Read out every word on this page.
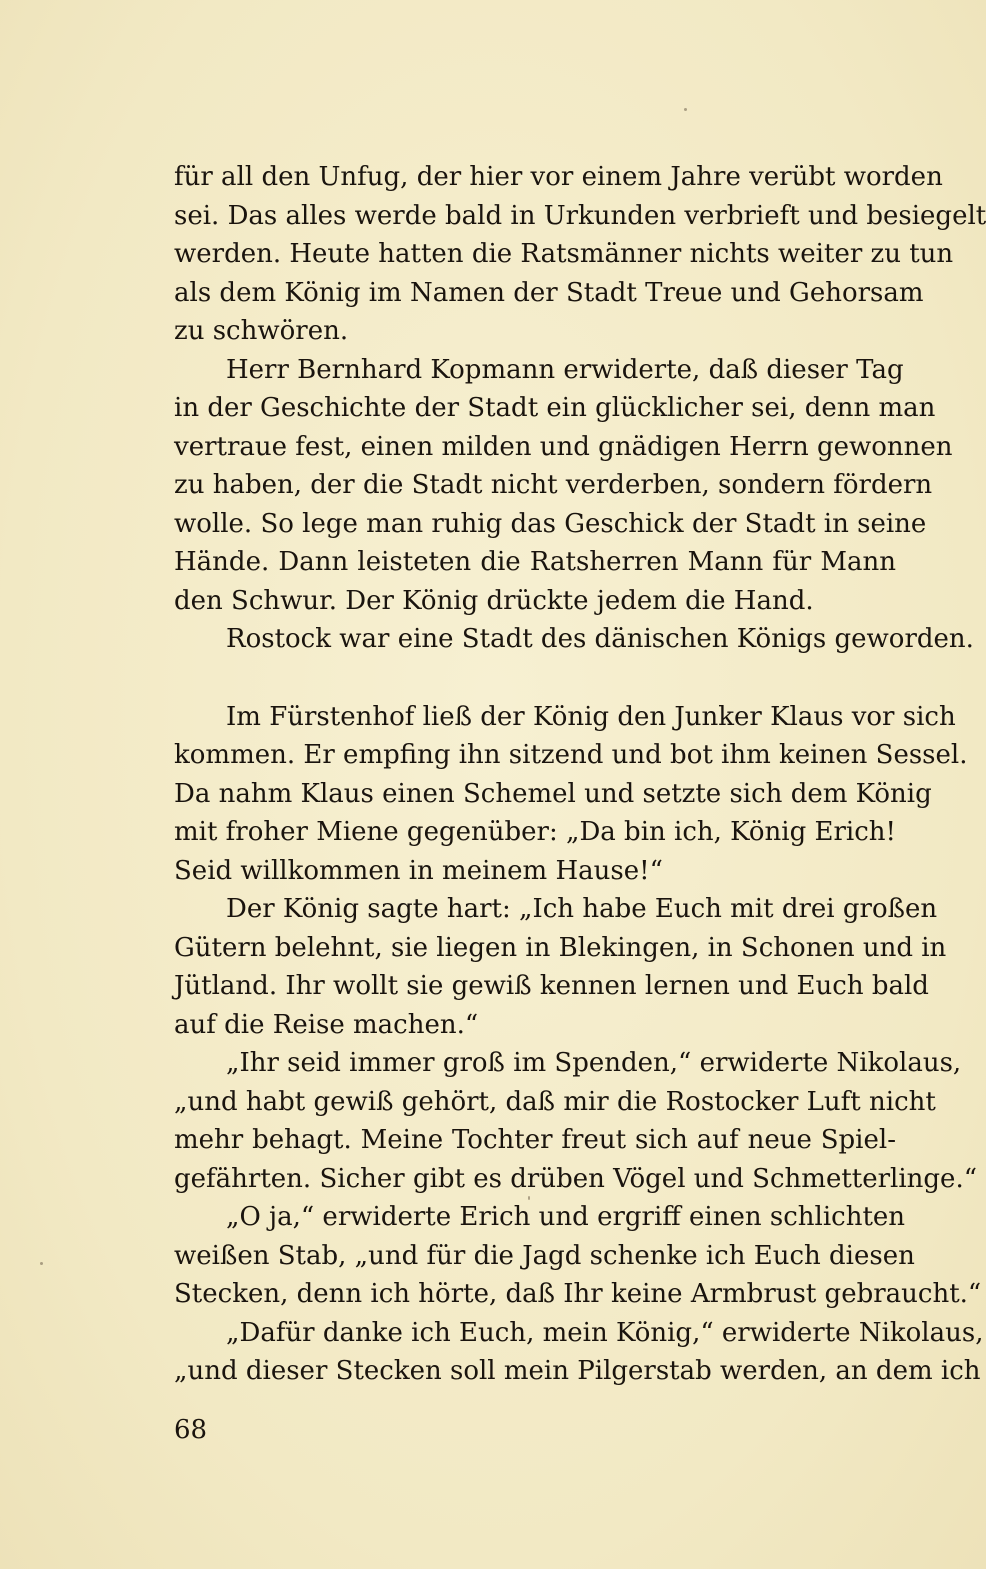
für all den Unfug, der hier vor einem Jahre verübt worden
sei. Das alles werde bald in Urkunden verbrieft und besiegelt
werden. Heute hatten die Ratsmänner nichts weiter zu tun
als dem König im Namen der Stadt Treue und Gehorsam
zu schwören.
Herr Bernhard Kopmann erwiderte, daß dieser Tag
in der Geschichte der Stadt ein glücklicher sei, denn man
vertraue fest, einen milden und gnädigen Herrn gewonnen
zu haben, der die Stadt nicht verderben, sondern fördern
wolle. So lege man ruhig das Geschick der Stadt in seine
Hände. Dann leisteten die Ratsherren Mann für Mann
den Schwur. Der König drückte jedem die Hand.
Rostock war eine Stadt des dänischen Königs geworden.
Im Fürstenhof ließ der König den Junker Klaus vor sich
kommen. Er empfing ihn sitzend und bot ihm keinen Sessel.
Da nahm Klaus einen Schemel und setzte sich dem König
mit froher Miene gegenüber: „Da bin ich, König Erich!
Seid willkommen in meinem Hause!“
Der König sagte hart: „Ich habe Euch mit drei großen
Gütern belehnt, sie liegen in Blekingen, in Schonen und in
Jütland. Ihr wollt sie gewiß kennen lernen und Euch bald
auf die Reise machen.“
„Ihr seid immer groß im Spenden,“ erwiderte Nikolaus,
„und habt gewiß gehört, daß mir die Rostocker Luft nicht
mehr behagt. Meine Tochter freut sich auf neue Spiel-
gefährten. Sicher gibt es drüben Vögel und Schmetterlinge.“
„O ja,“ erwiderte Erich und ergriff einen schlichten
weißen Stab, „und für die Jagd schenke ich Euch diesen
Stecken, denn ich hörte, daß Ihr keine Armbrust gebraucht.“
„Dafür danke ich Euch, mein König,“ erwiderte Nikolaus,
„und dieser Stecken soll mein Pilgerstab werden, an dem ich
68
